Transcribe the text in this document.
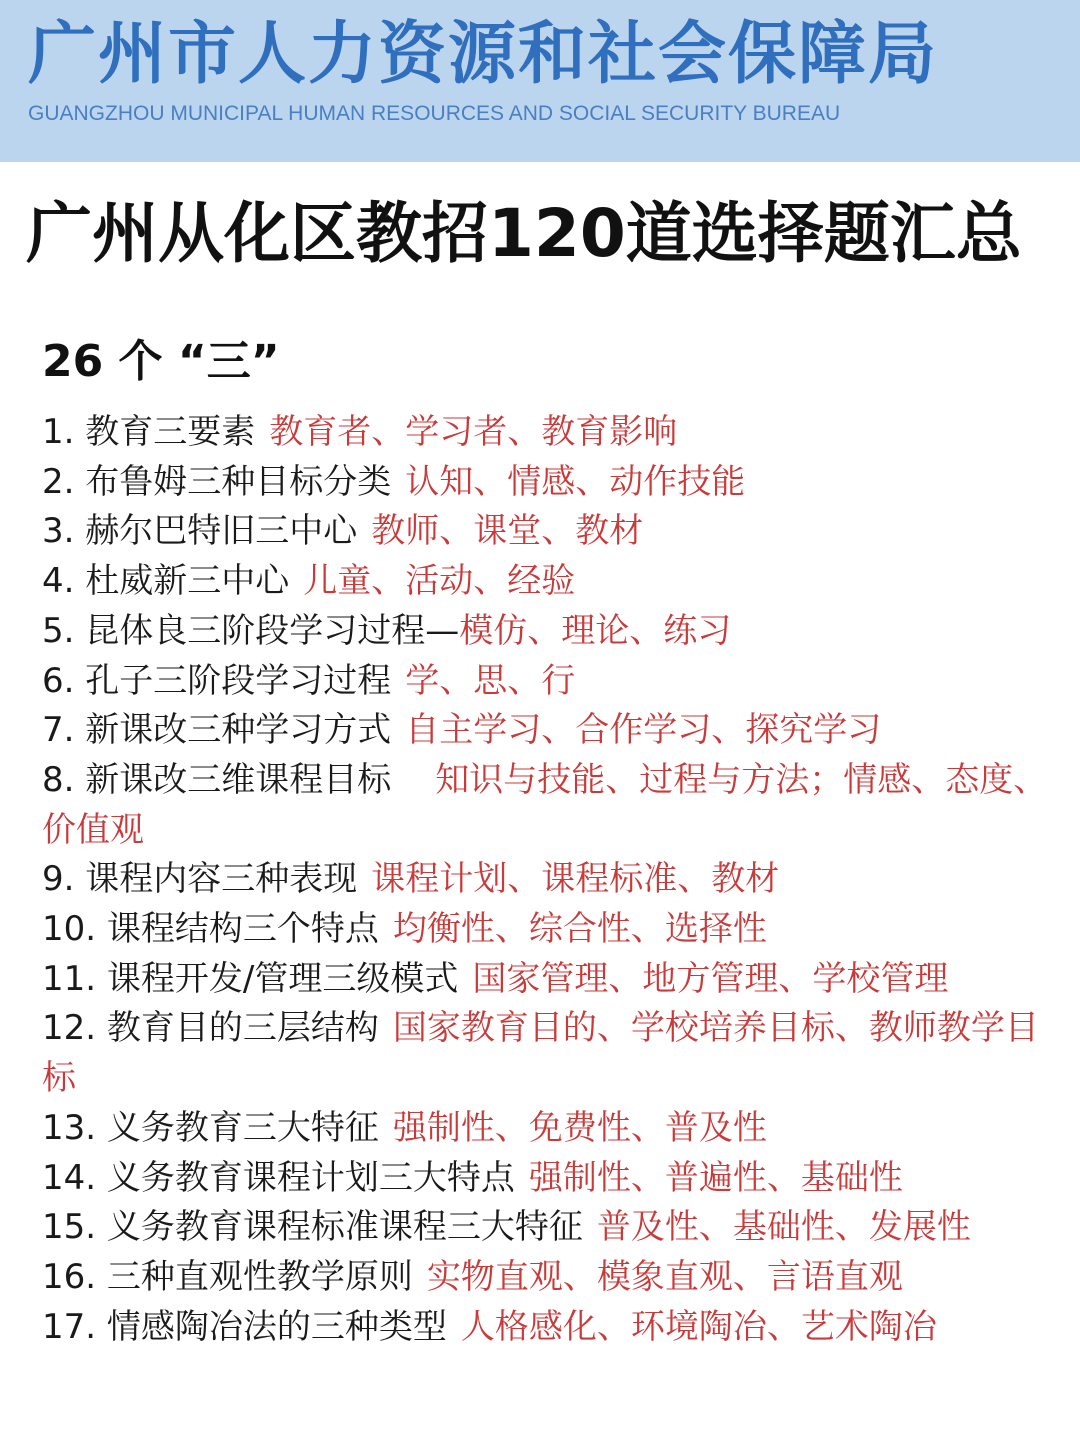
广州市人力资源和社会保障局
GUANGZHOU MUNICIPAL HUMAN RESOURCES AND SOCIAL SECURITY BUREAU
广州从化区教招120道选择题汇总
26 个 “三”
1. 教育三要素 教育者、学习者、教育影响
2. 布鲁姆三种目标分类 认知、情感、动作技能
3. 赫尔巴特旧三中心 教师、课堂、教材
4. 杜威新三中心 儿童、活动、经验
5. 昆体良三阶段学习过程—模仿、理论、练习
6. 孔子三阶段学习过程 学、思、行
7. 新课改三种学习方式 自主学习、合作学习、探究学习
8. 新课改三维课程目标 知识与技能、过程与方法；情感、态度、价值观
9. 课程内容三种表现 课程计划、课程标准、教材
10. 课程结构三个特点 均衡性、综合性、选择性
11. 课程开发/管理三级模式 国家管理、地方管理、学校管理
12. 教育目的三层结构 国家教育目的、学校培养目标、教师教学目标
13. 义务教育三大特征 强制性、免费性、普及性
14. 义务教育课程计划三大特点 强制性、普遍性、基础性
15. 义务教育课程标准课程三大特征 普及性、基础性、发展性
16. 三种直观性教学原则 实物直观、模象直观、言语直观
17. 情感陶冶法的三种类型 人格感化、环境陶冶、艺术陶冶
